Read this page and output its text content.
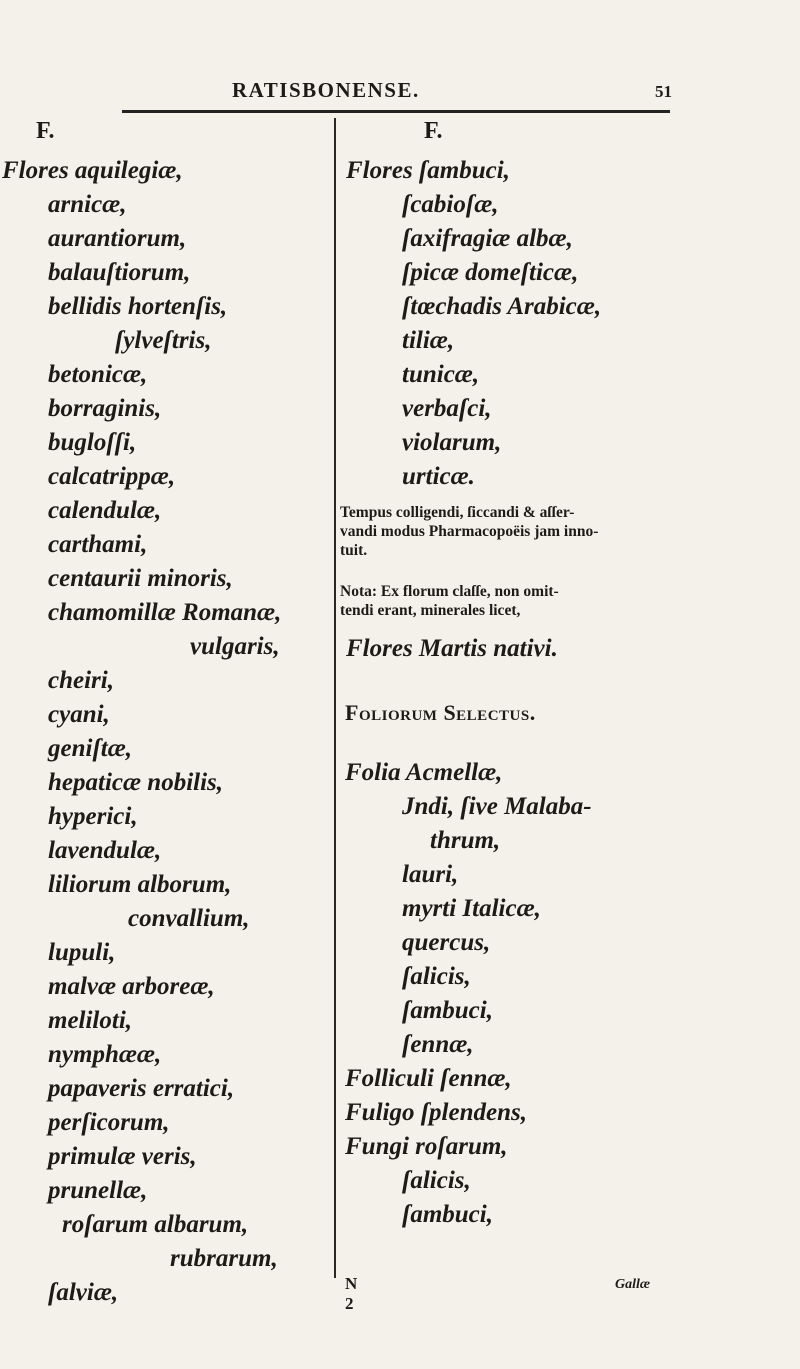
RATISBONENSE.	51
F.	F.
Flores aquilegiæ,
arnicæ,
aurantiorum,
balauſtiorum,
bellidis hortenſis,
ſylveſtris,
betonicæ,
borraginis,
bugloſſi,
calcatrippæ,
calendulæ,
carthami,
centaurii minoris,
chamomillæ Romanæ,
vulgaris,
cheiri,
cyani,
geniſtæ,
hepaticæ nobilis,
hyperici,
lavendulæ,
liliorum alborum,
convallium,
lupuli,
malvæ arboreæ,
meliloti,
nymphææ,
papaveris erratici,
perſicorum,
primulæ veris,
prunellæ,
roſarum albarum,
rubrarum,
ſalviæ,
Flores ſambuci,
ſcabioſæ,
ſaxifragiæ albæ,
ſpicæ domeſticæ,
ſtœchadis Arabicæ,
tiliæ,
tunicæ,
verbaſci,
violarum,
urticæ.
Tempus colligendi, ſiccandi & aſſer-
vandi modus Pharmacopoëis jam inno-
tuit.
Nota: Ex florum claſſe, non omit-
tendi erant, minerales licet,
Flores Martis nativi.
Foliorum Selectus.
Folia Acmellæ,
Jndi, ſive Malaba-
thrum,
lauri,
myrti Italicæ,
quercus,
ſalicis,
ſambuci,
ſennæ,
Folliculi ſennæ,
Fuligo ſplendens,
Fungi roſarum,
ſalicis,
ſambuci,
N 2
Gallæ
